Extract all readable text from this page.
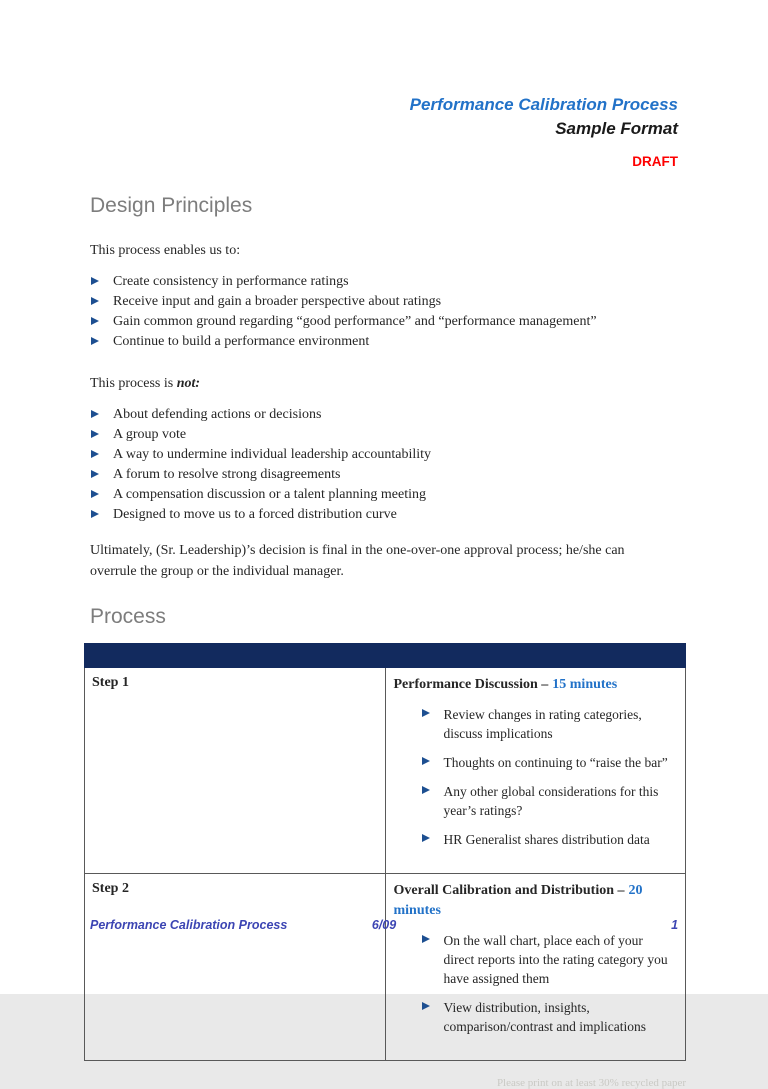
Performance Calibration Process
Sample Format
DRAFT
Design Principles

This process enables us to:

Create consistency in performance ratings
Receive input and gain a broader perspective about ratings
Gain common ground regarding “good performance” and “performance management”
Continue to build a performance environment

This process is not:

About defending actions or decisions
A group vote
A way to undermine individual leadership accountability
A forum to resolve strong disagreements
A compensation discussion or a talent planning meeting
Designed to move us to a forced distribution curve

Ultimately, (Sr. Leadership)’s decision is final in the one-over-one approval process; he/she can overrule the group or the individual manager.

Process

Step 1	Performance Discussion – 15 minutes
Review changes in rating categories, discuss implications
Thoughts on continuing to “raise the bar”
Any other global considerations for this year’s ratings?
HR Generalist shares distribution data

Step 2	Overall Calibration and Distribution – 20 minutes
On the wall chart, place each of your direct reports into the rating category you have assigned them
View distribution, insights, comparison/contrast and implications
Please print on at least 30% recycled paper
Performance Calibration Process	6/09	1
